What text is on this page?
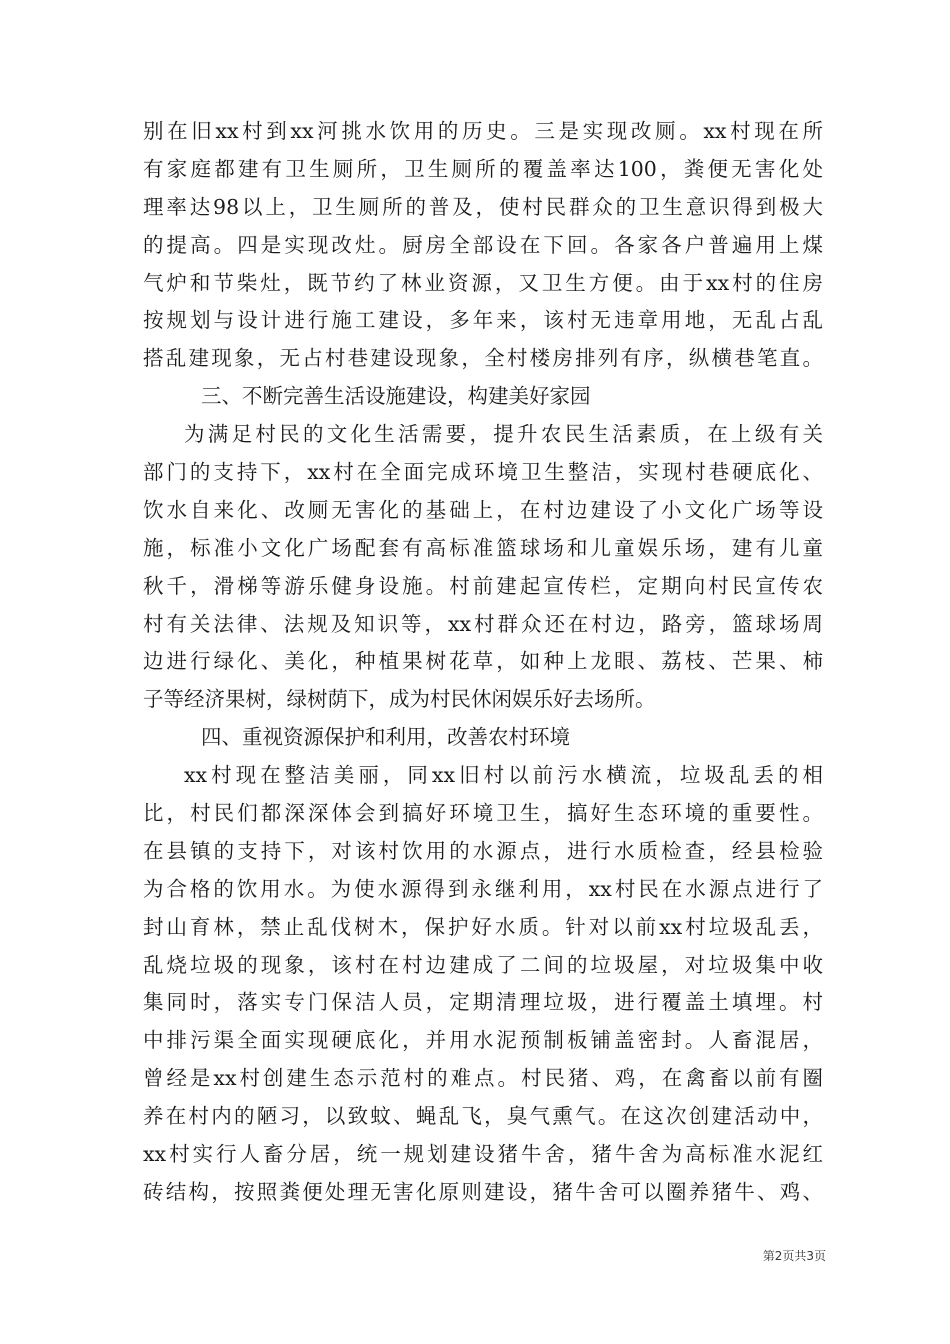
别在旧xx村到xx河挑水饮用的历史。三是实现改厕。xx村现在所
有家庭都建有卫生厕所，卫生厕所的覆盖率达100，粪便无害化处
理率达98以上，卫生厕所的普及，使村民群众的卫生意识得到极大
的提高。四是实现改灶。厨房全部设在下回。各家各户普遍用上煤
气炉和节柴灶，既节约了林业资源，又卫生方便。由于xx村的住房
按规划与设计进行施工建设，多年来，该村无违章用地，无乱占乱
搭乱建现象，无占村巷建设现象，全村楼房排列有序，纵横巷笔直。
三、不断完善生活设施建设，构建美好家园
为满足村民的文化生活需要，提升农民生活素质，在上级有关
部门的支持下，xx村在全面完成环境卫生整洁，实现村巷硬底化、
饮水自来化、改厕无害化的基础上，在村边建设了小文化广场等设
施，标准小文化广场配套有高标准篮球场和儿童娱乐场，建有儿童
秋千，滑梯等游乐健身设施。村前建起宣传栏，定期向村民宣传农
村有关法律、法规及知识等，xx村群众还在村边，路旁，篮球场周
边进行绿化、美化，种植果树花草，如种上龙眼、荔枝、芒果、柿
子等经济果树，绿树荫下，成为村民休闲娱乐好去场所。
四、重视资源保护和利用，改善农村环境
xx村现在整洁美丽，同xx旧村以前污水横流，垃圾乱丢的相
比，村民们都深深体会到搞好环境卫生，搞好生态环境的重要性。
在县镇的支持下，对该村饮用的水源点，进行水质检查，经县检验
为合格的饮用水。为使水源得到永继利用，xx村民在水源点进行了
封山育林，禁止乱伐树木，保护好水质。针对以前xx村垃圾乱丢，
乱烧垃圾的现象，该村在村边建成了二间的垃圾屋，对垃圾集中收
集同时，落实专门保洁人员，定期清理垃圾，进行覆盖土填埋。村
中排污渠全面实现硬底化，并用水泥预制板铺盖密封。人畜混居，
曾经是xx村创建生态示范村的难点。村民猪、鸡，在禽畜以前有圈
养在村内的陋习，以致蚊、蝇乱飞，臭气熏气。在这次创建活动中，
xx村实行人畜分居，统一规划建设猪牛舍，猪牛舍为高标准水泥红
砖结构，按照粪便处理无害化原则建设，猪牛舍可以圈养猪牛、鸡、
第2页共3页
